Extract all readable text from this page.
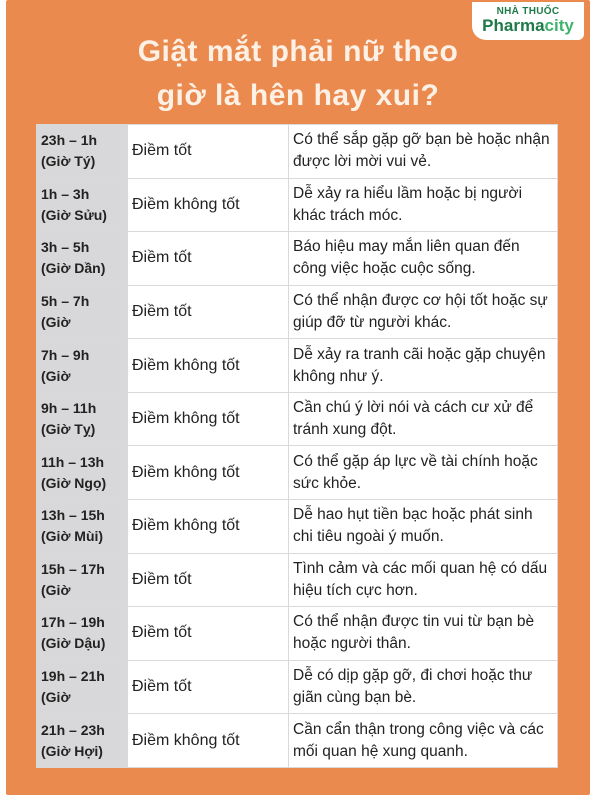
NHÀ THUỐC
Pharmacity
Giật mắt phải nữ theo
giờ là hên hay xui?
23h – 1h
(Giờ Tý)	Điềm tốt	Có thể sắp gặp gỡ bạn bè hoặc nhận được lời mời vui vẻ.

1h – 3h
(Giờ Sửu)	Điềm không tốt	Dễ xảy ra hiểu lầm hoặc bị người khác trách móc.

3h – 5h
(Giờ Dần)	Điềm tốt	Báo hiệu may mắn liên quan đến công việc hoặc cuộc sống.

5h – 7h
(Giờ	Điềm tốt	Có thể nhận được cơ hội tốt hoặc sự giúp đỡ từ người khác.

7h – 9h
(Giờ	Điềm không tốt	Dễ xảy ra tranh cãi hoặc gặp chuyện không như ý.

9h – 11h
(Giờ Tỵ)	Điềm không tốt	Cần chú ý lời nói và cách cư xử để tránh xung đột.

11h – 13h
(Giờ Ngọ)	Điềm không tốt	Có thể gặp áp lực về tài chính hoặc sức khỏe.

13h – 15h
(Giờ Mùi)	Điềm không tốt	Dễ hao hụt tiền bạc hoặc phát sinh chi tiêu ngoài ý muốn.

15h – 17h
(Giờ	Điềm tốt	Tình cảm và các mối quan hệ có dấu hiệu tích cực hơn.

17h – 19h
(Giờ Dậu)	Điềm tốt	Có thể nhận được tin vui từ bạn bè hoặc người thân.

19h – 21h
(Giờ	Điềm tốt	Dễ có dịp gặp gỡ, đi chơi hoặc thư giãn cùng bạn bè.

21h – 23h
(Giờ Hợi)	Điềm không tốt	Cần cẩn thận trong công việc và các mối quan hệ xung quanh.
